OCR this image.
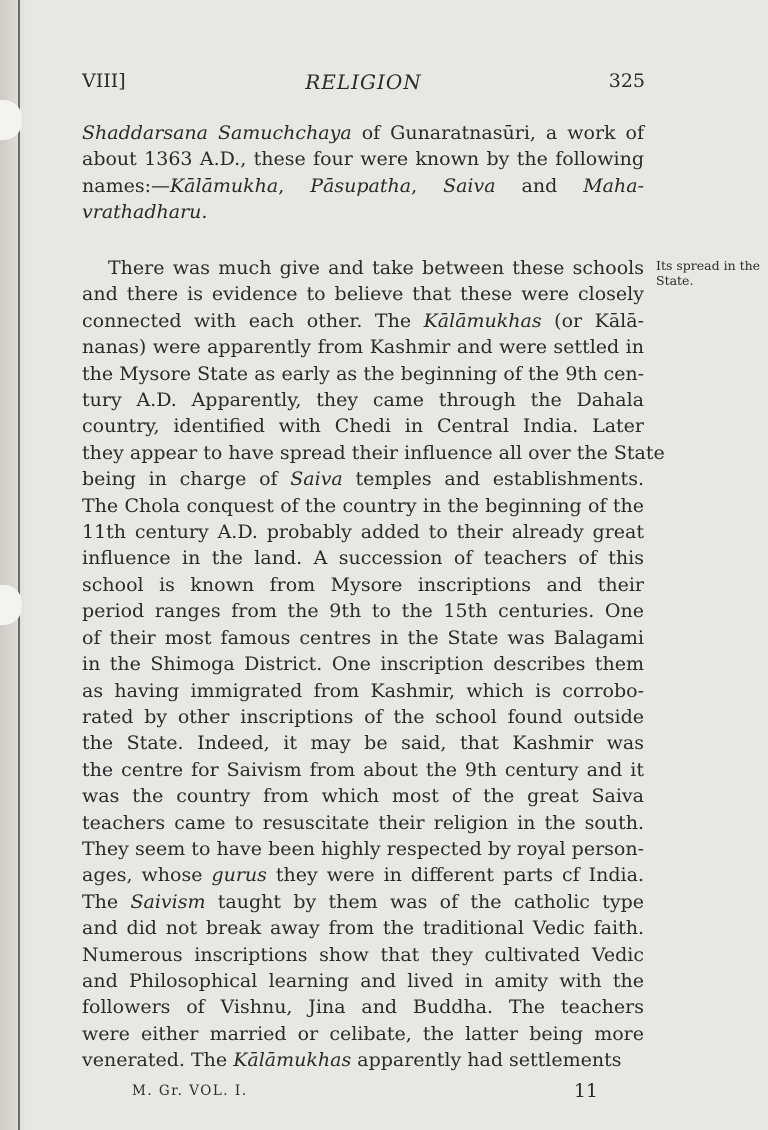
VIII]	RELIGION	325
Shaddarsana Samuchchaya of Gunaratnasūri, a work of
about 1363 A.D., these four were known by the following
names:—Kālāmukha, Pāsupatha, Saiva and Maha-
vrathadharu.
There was much give and take between these schools
and there is evidence to believe that these were closely
connected with each other. The Kālāmukhas (or Kālā-
nanas) were apparently from Kashmir and were settled in
the Mysore State as early as the beginning of the 9th cen-
tury A.D. Apparently, they came through the Dahala
country, identified with Chedi in Central India. Later
they appear to have spread their influence all over the State
being in charge of Saiva temples and establishments.
The Chola conquest of the country in the beginning of the
11th century A.D. probably added to their already great
influence in the land. A succession of teachers of this
school is known from Mysore inscriptions and their
period ranges from the 9th to the 15th centuries. One
of their most famous centres in the State was Balagami
in the Shimoga District. One inscription describes them
as having immigrated from Kashmir, which is corrobo-
rated by other inscriptions of the school found outside
the State. Indeed, it may be said, that Kashmir was
the centre for Saivism from about the 9th century and it
was the country from which most of the great Saiva
teachers came to resuscitate their religion in the south.
They seem to have been highly respected by royal person-
ages, whose gurus they were in different parts cf India.
The Saivism taught by them was of the catholic type
and did not break away from the traditional Vedic faith.
Numerous inscriptions show that they cultivated Vedic
and Philosophical learning and lived in amity with the
followers of Vishnu, Jina and Buddha. The teachers
were either married or celibate, the latter being more
venerated. The Kālāmukhas apparently had settlements
Its spread in the State.
M. Gr. VOL. I.	11
